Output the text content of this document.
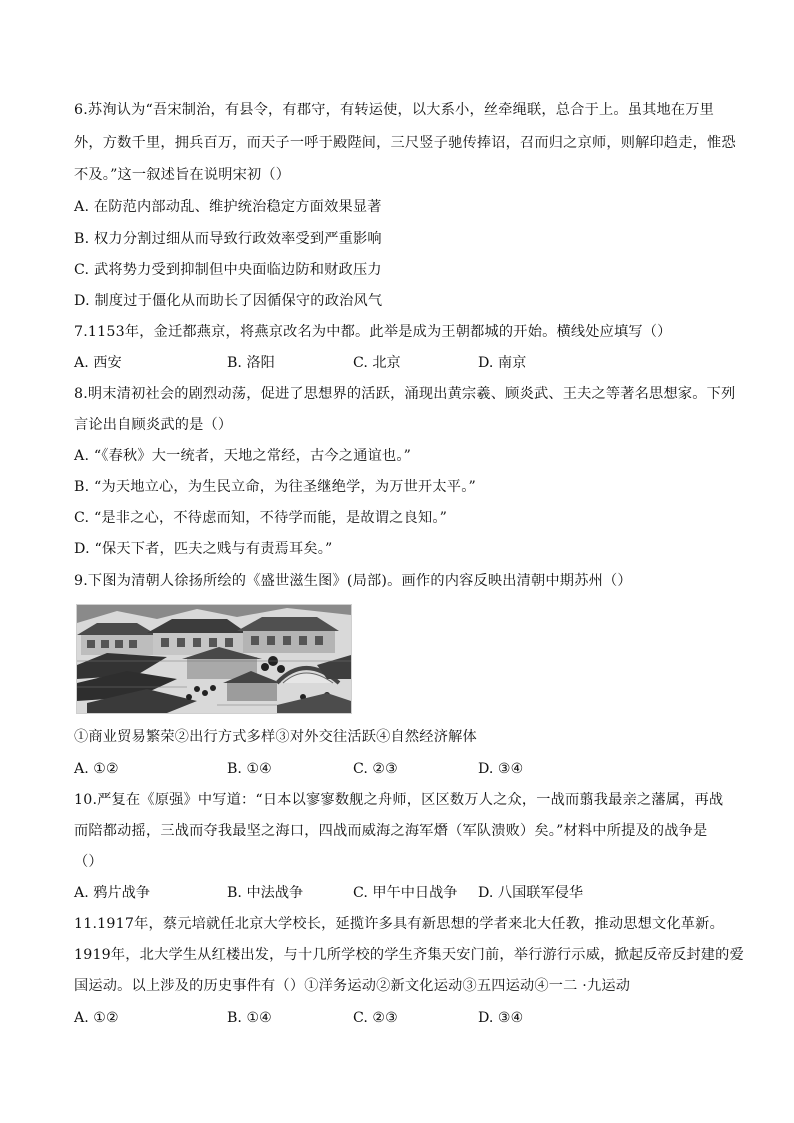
6.苏洵认为“吾宋制治，有县令，有郡守，有转运使，以大系小，丝牵绳联，总合于上。虽其地在万里
外，方数千里，拥兵百万，而天子一呼于殿陛间，三尺竖子驰传捧诏，召而归之京师，则解印趋走，惟恐
不及。”这一叙述旨在说明宋初（）
A. 在防范内部动乱、维护统治稳定方面效果显著
B. 权力分割过细从而导致行政效率受到严重影响
C. 武将势力受到抑制但中央面临边防和财政压力
D. 制度过于僵化从而助长了因循保守的政治风气
7.1153年，金迁都燕京，将燕京改名为中都。此举是成为王朝都城的开始。横线处应填写（）
A. 西安	B. 洛阳	C. 北京	D. 南京
8.明末清初社会的剧烈动荡，促进了思想界的活跃，涌现出黄宗羲、顾炎武、王夫之等著名思想家。下列
言论出自顾炎武的是（）
A. “《春秋》大一统者，天地之常经，古今之通谊也。”
B. “为天地立心，为生民立命，为往圣继绝学，为万世开太平。”
C. “是非之心，不待虑而知，不待学而能，是故谓之良知。”
D. “保天下者，匹夫之贱与有责焉耳矣。”
9.下图为清朝人徐扬所绘的《盛世滋生图》(局部)。画作的内容反映出清朝中期苏州（）
①商业贸易繁荣②出行方式多样③对外交往活跃④自然经济解体
A. ①②	B. ①④	C. ②③	D. ③④
10.严复在《原强》中写道：“日本以寥寥数舰之舟师，区区数万人之众，一战而翦我最亲之藩属，再战
而陪都动摇，三战而夺我最坚之海口，四战而威海之海军熸（军队溃败）矣。”材料中所提及的战争是
（）
A. 鸦片战争	B. 中法战争	C. 甲午中日战争 D. 八国联军侵华
11.1917年，蔡元培就任北京大学校长，延揽许多具有新思想的学者来北大任教，推动思想文化革新。
1919年，北大学生从红楼出发，与十几所学校的学生齐集天安门前，举行游行示威，掀起反帝反封建的爱
国运动。以上涉及的历史事件有（）①洋务运动②新文化运动③五四运动④一二 ·九运动
A. ①②	B. ①④	C. ②③	D. ③④
